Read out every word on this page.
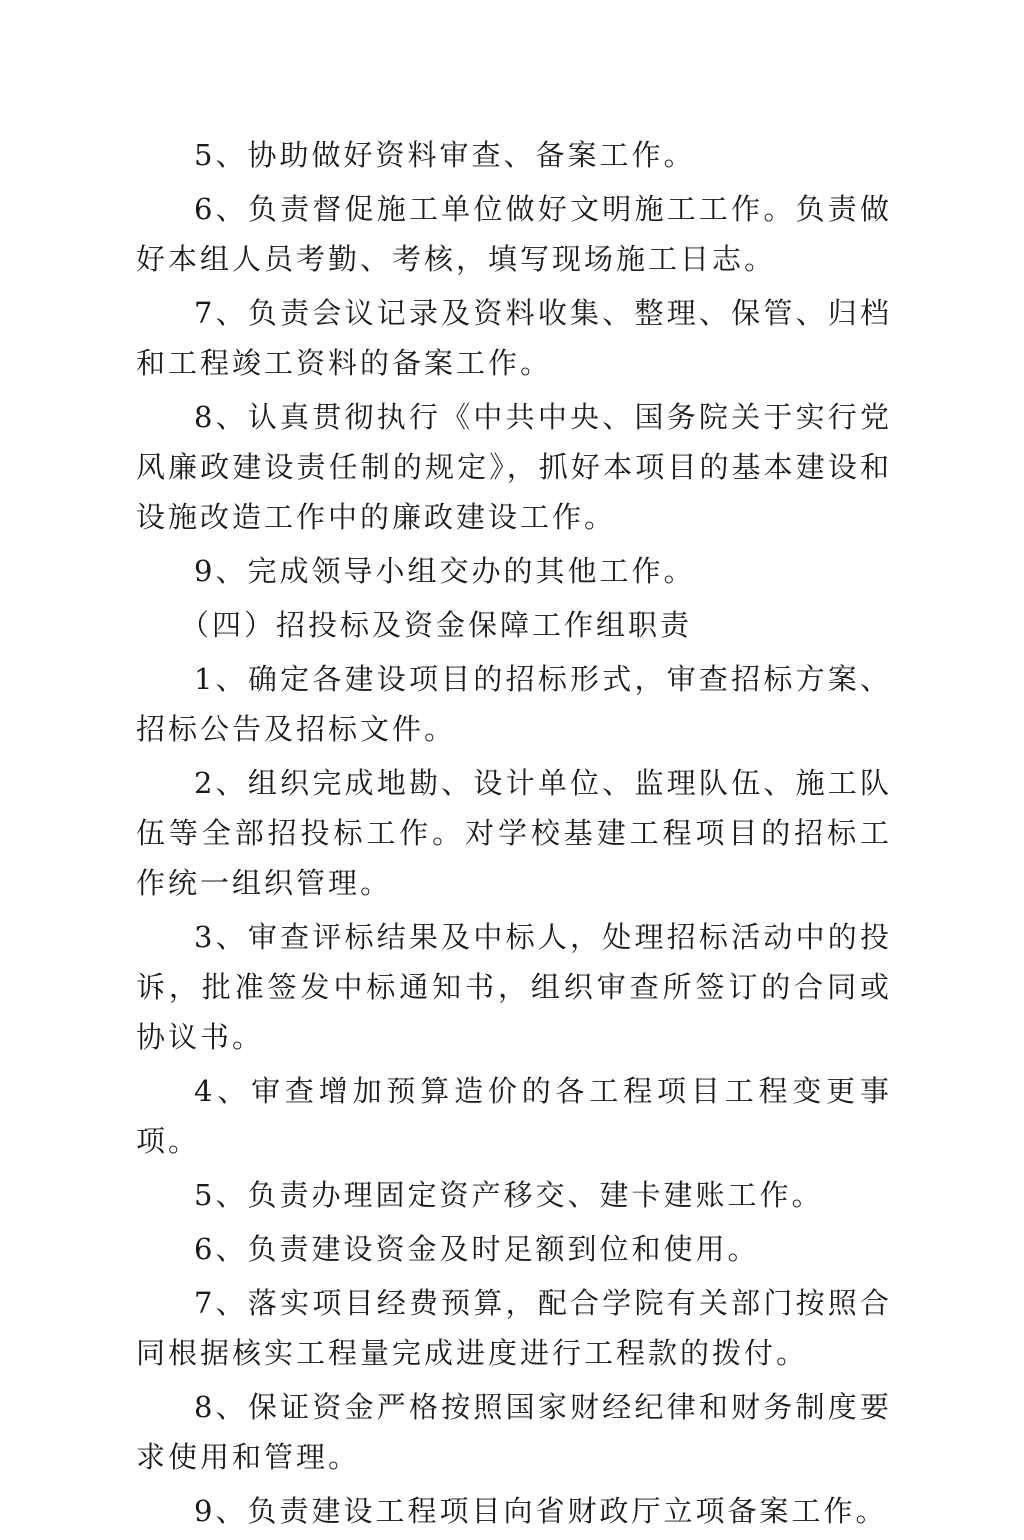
5、协助做好资料审查、备案工作。

6、负责督促施工单位做好文明施工工作。负责做好本组人员考勤、考核，填写现场施工日志。

7、负责会议记录及资料收集、整理、保管、归档和工程竣工资料的备案工作。

8、认真贯彻执行《中共中央、国务院关于实行党风廉政建设责任制的规定》，抓好本项目的基本建设和设施改造工作中的廉政建设工作。

9、完成领导小组交办的其他工作。

（四）招投标及资金保障工作组职责

1、确定各建设项目的招标形式，审查招标方案、招标公告及招标文件。

2、组织完成地勘、设计单位、监理队伍、施工队伍等全部招投标工作。对学校基建工程项目的招标工作统一组织管理。

3、审查评标结果及中标人，处理招标活动中的投诉，批准签发中标通知书，组织审查所签订的合同或协议书。

4、审查增加预算造价的各工程项目工程变更事项。

5、负责办理固定资产移交、建卡建账工作。

6、负责建设资金及时足额到位和使用。

7、落实项目经费预算，配合学院有关部门按照合同根据核实工程量完成进度进行工程款的拨付。

8、保证资金严格按照国家财经纪律和财务制度要求使用和管理。

9、负责建设工程项目向省财政厅立项备案工作。
